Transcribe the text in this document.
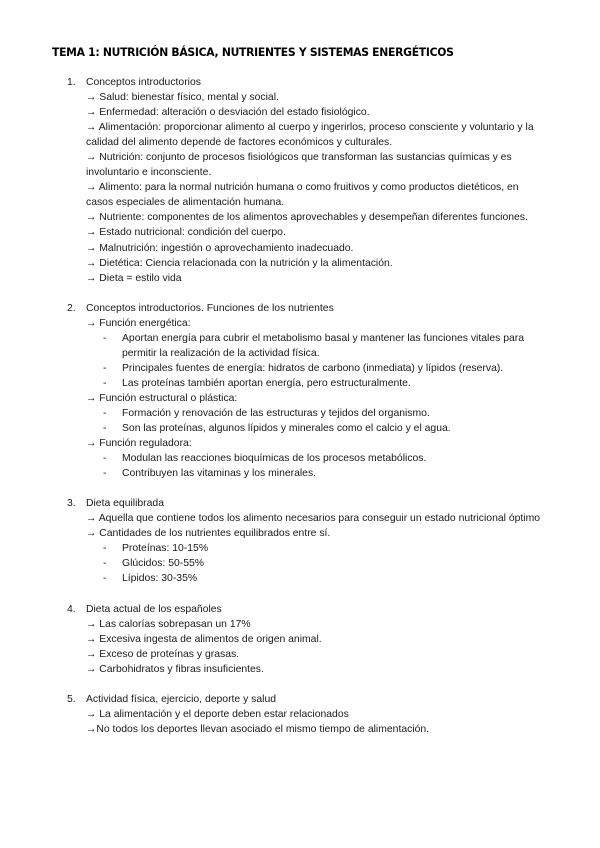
TEMA 1: NUTRICIÓN BÁSICA, NUTRIENTES Y SISTEMAS ENERGÉTICOS
1. Conceptos introductorios
→ Salud: bienestar físico, mental y social.
→ Enfermedad: alteración o desviación del estado fisiológico.
→ Alimentación: proporcionar alimento al cuerpo y ingerirlos, proceso consciente y voluntario y la calidad del alimento depende de factores económicos y culturales.
→ Nutrición: conjunto de procesos fisiológicos que transforman las sustancias químicas y es involuntario e inconsciente.
→ Alimento: para la normal nutrición humana o como fruitivos y como productos dietéticos, en casos especiales de alimentación humana.
→ Nutriente: componentes de los alimentos aprovechables y desempeñan diferentes funciones.
→ Estado nutricional: condición del cuerpo.
→ Malnutrición: ingestión o aprovechamiento inadecuado.
→ Dietética: Ciencia relacionada con la nutrición y la alimentación.
→ Dieta = estilo vida
2. Conceptos introductorios. Funciones de los nutrientes
→ Función energética:
-	Aportan energía para cubrir el metabolismo basal y mantener las funciones vitales para permitir la realización de la actividad física.
-	Principales fuentes de energía: hidratos de carbono (inmediata) y lípidos (reserva).
-	Las proteínas también aportan energía, pero estructuralmente.
→ Función estructural o plástica:
-	Formación y renovación de las estructuras y tejidos del organismo.
-	Son las proteínas, algunos lípidos y minerales como el calcio y el agua.
→ Función reguladora:
-	Modulan las reacciones bioquímicas de los procesos metabólicos.
-	Contribuyen las vitaminas y los minerales.
3. Dieta equilibrada
→ Aquella que contiene todos los alimento necesarios para conseguir un estado nutricional óptimo
→ Cantidades de los nutrientes equilibrados entre sí.
-	Proteínas: 10-15%
-	Glúcidos: 50-55%
-	Lípidos: 30-35%
4. Dieta actual de los españoles
→ Las calorías sobrepasan un 17%
→ Excesiva ingesta de alimentos de origen animal.
→ Exceso de proteínas y grasas.
→ Carbohidratos y fibras insuficientes.
5. Actividad física, ejercicio, deporte y salud
→ La alimentación y el deporte deben estar relacionados
→No todos los deportes llevan asociado el mismo tiempo de alimentación.
